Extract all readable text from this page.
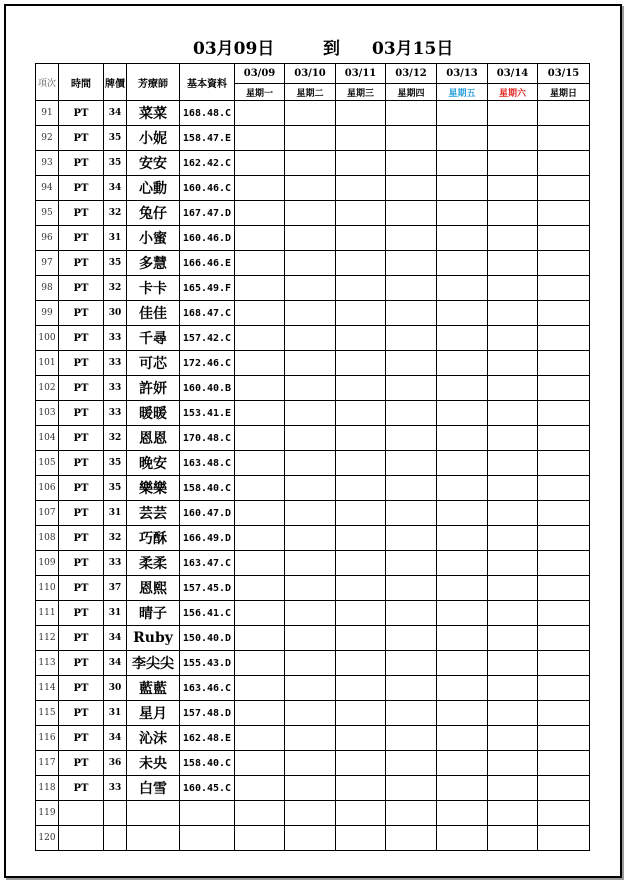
03月09日	到 03月15日
項次	時間	牌價	芳療師	基本資料	03/09	03/10	03/11	03/12	03/13	03/14	03/15
					星期一	星期二	星期三	星期四	星期五	星期六	星期日
91	PT	34	菜菜	168.48.C							
92	PT	35	小妮	158.47.E							
93	PT	35	安安	162.42.C							
94	PT	34	心動	160.46.C							
95	PT	32	兔仔	167.47.D							
96	PT	31	小蜜	160.46.D							
97	PT	35	多慧	166.46.E							
98	PT	32	卡卡	165.49.F							
99	PT	30	佳佳	168.47.C							
100	PT	33	千尋	157.42.C							
101	PT	33	可芯	172.46.C							
102	PT	33	許妍	160.40.B							
103	PT	33	暖暖	153.41.E							
104	PT	32	恩恩	170.48.C							
105	PT	35	晚安	163.48.C							
106	PT	35	樂樂	158.40.C							
107	PT	31	芸芸	160.47.D							
108	PT	32	巧酥	166.49.D							
109	PT	33	柔柔	163.47.C							
110	PT	37	恩熙	157.45.D							
111	PT	31	晴子	156.41.C							
112	PT	34	Ruby	150.40.D							
113	PT	34	李尖尖	155.43.D							
114	PT	30	藍藍	163.46.C							
115	PT	31	星月	157.48.D							
116	PT	34	沁沫	162.48.E							
117	PT	36	未央	158.40.C							
118	PT	33	白雪	160.45.C							
119											
120											
